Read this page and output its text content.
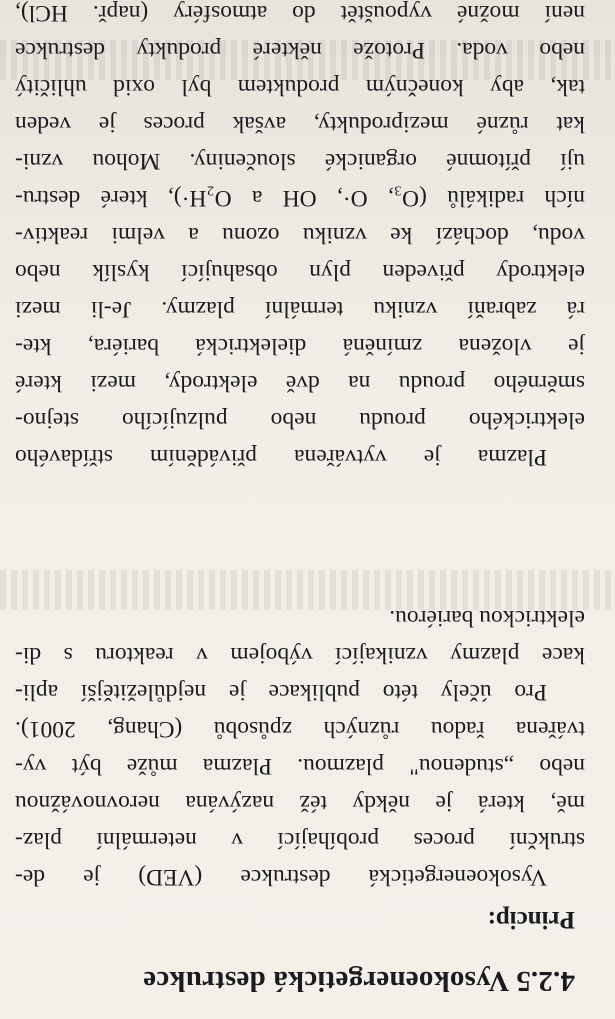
4.2.5 Vysokoenergetická destrukce
Princip:
Vysokoenergetická destrukce (VED) je de-
strukční proces probíhající v netermální plaz-
mě, která je někdy též nazývána nerovnovážnou
nebo „studenou" plazmou. Plazma může být vy-
tvářena řadou různých způsobů (Chang, 2001).
Pro účely této publikace je nejdůležitější apli-
kace plazmy vznikající výbojem v reaktoru s di-
elektrickou bariérou.
Plazma je vytvářena přiváděním střídavého
elektrického proudu nebo pulzujícího stejno-
směrného proudu na dvě elektrody, mezi které
je vložena zmíněná dielektrická bariéra, kte-
rá zabraňí vzniku termální plazmy. Je-li mezi
elektrody přiveden plyn obsahující kyslík nebo
vodu, dochází ke vzniku ozonu a velmi reaktiv-
ních radikálů (O₃, O·, OH a O₂H·), které destru-
ují přítomné organické sloučeniny. Mohou vzni-
kat různé meziprodukty, avšak proces je veden
tak, aby konečným produktem byl oxid uhličitý
nebo voda. Protože některé produkty destrukce
není možné vypouštět do atmosféry (např. HCl),
